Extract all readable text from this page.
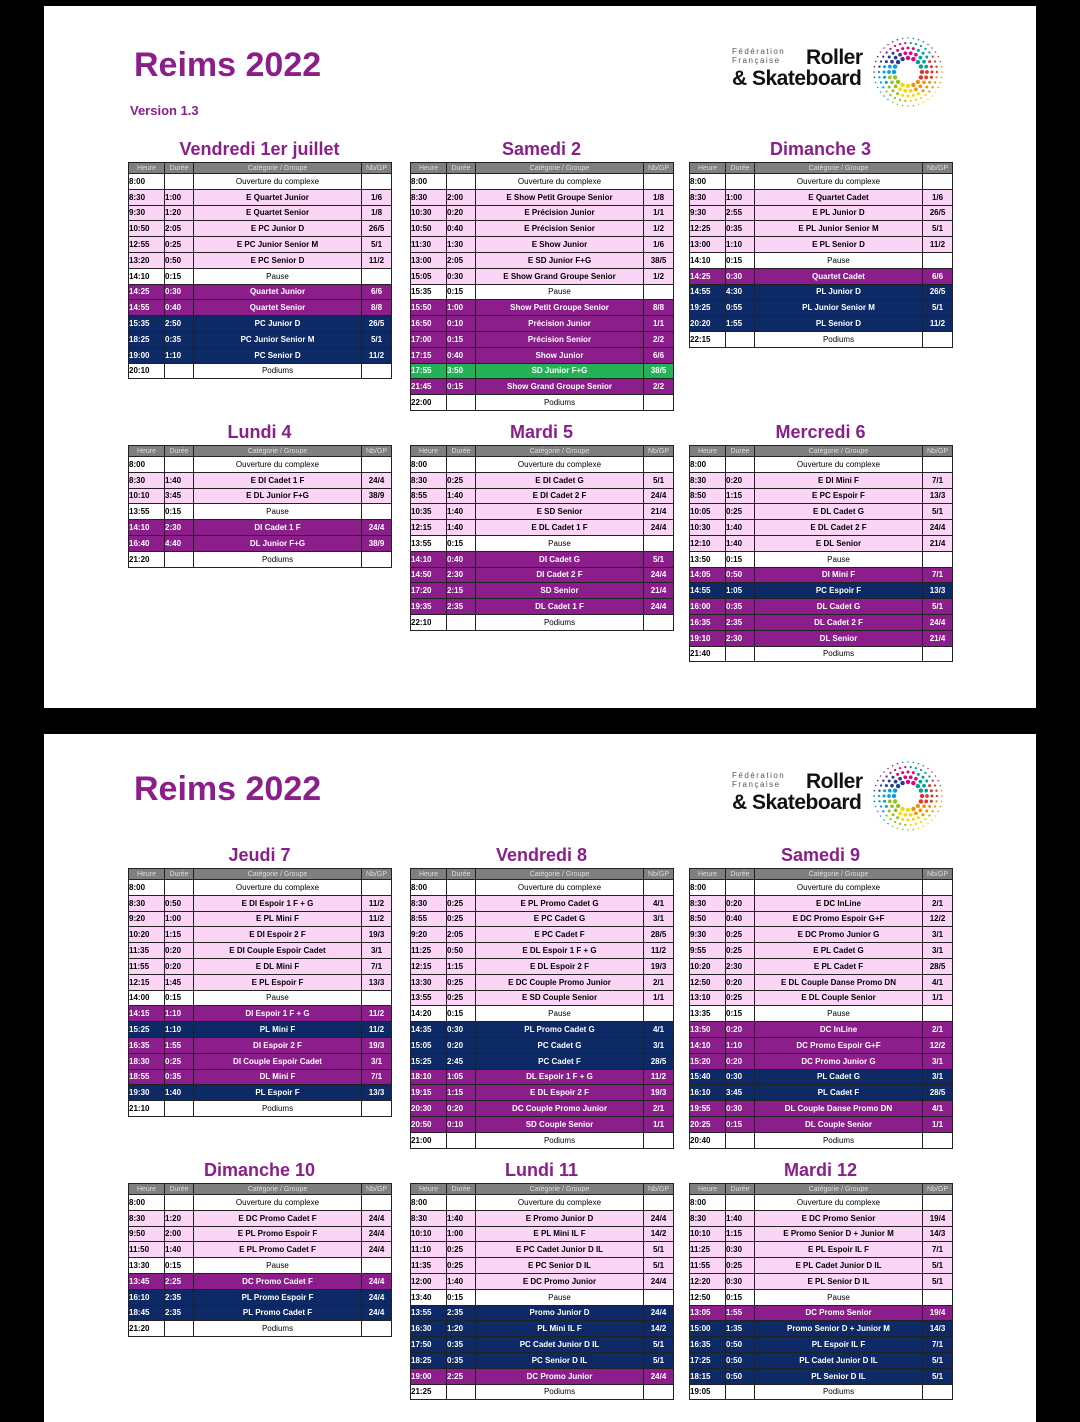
Reims 2022
Version 1.3
Fédération
Française Roller
& Skateboard
Vendredi 1er juillet
Heure	Durée	Catégorie / Groupe	Nb/GP
8:00		Ouverture du complexe	
8:30	1:00	E Quartet Junior	1/6
9:30	1:20	E Quartet Senior	1/8
10:50	2:05	E PC Junior D	26/5
12:55	0:25	E PC Junior Senior M	5/1
13:20	0:50	E PC Senior D	11/2
14:10	0:15	Pause	
14:25	0:30	Quartet Junior	6/6
14:55	0:40	Quartet Senior	8/8
15:35	2:50	PC Junior D	26/5
18:25	0:35	PC Junior Senior M	5/1
19:00	1:10	PC Senior D	11/2
20:10		Podiums	
Samedi 2
Heure	Durée	Catégorie / Groupe	Nb/GP
8:00		Ouverture du complexe	
8:30	2:00	E Show Petit Groupe Senior	1/8
10:30	0:20	E Précision Junior	1/1
10:50	0:40	E Précision Senior	1/2
11:30	1:30	E Show Junior	1/6
13:00	2:05	E SD Junior F+G	38/5
15:05	0:30	E Show Grand Groupe Senior	1/2
15:35	0:15	Pause	
15:50	1:00	Show Petit Groupe Senior	8/8
16:50	0:10	Précision Junior	1/1
17:00	0:15	Précision Senior	2/2
17:15	0:40	Show Junior	6/6
17:55	3:50	SD Junior F+G	38/5
21:45	0:15	Show Grand Groupe Senior	2/2
22:00		Podiums	
Dimanche 3
Heure	Durée	Catégorie / Groupe	Nb/GP
8:00		Ouverture du complexe	
8:30	1:00	E Quartet Cadet	1/6
9:30	2:55	E PL Junior D	26/5
12:25	0:35	E PL Junior Senior M	5/1
13:00	1:10	E PL Senior D	11/2
14:10	0:15	Pause	
14:25	0:30	Quartet Cadet	6/6
14:55	4:30	PL Junior D	26/5
19:25	0:55	PL Junior Senior M	5/1
20:20	1:55	PL Senior D	11/2
22:15		Podiums	
Lundi 4
Heure	Durée	Catégorie / Groupe	Nb/GP
8:00		Ouverture du complexe	
8:30	1:40	E DI Cadet 1 F	24/4
10:10	3:45	E DL Junior F+G	38/9
13:55	0:15	Pause	
14:10	2:30	DI Cadet 1 F	24/4
16:40	4:40	DL Junior F+G	38/9
21:20		Podiums	
Mardi 5
Heure	Durée	Catégorie / Groupe	Nb/GP
8:00		Ouverture du complexe	
8:30	0:25	E DI Cadet G	5/1
8:55	1:40	E DI Cadet 2 F	24/4
10:35	1:40	E SD Senior	21/4
12:15	1:40	E DL Cadet 1 F	24/4
13:55	0:15	Pause	
14:10	0:40	DI Cadet G	5/1
14:50	2:30	DI Cadet 2 F	24/4
17:20	2:15	SD Senior	21/4
19:35	2:35	DL Cadet 1 F	24/4
22:10		Podiums	
Mercredi 6
Heure	Durée	Catégorie / Groupe	Nb/GP
8:00		Ouverture du complexe	
8:30	0:20	E DI Mini F	7/1
8:50	1:15	E PC Espoir F	13/3
10:05	0:25	E DL Cadet G	5/1
10:30	1:40	E DL Cadet 2 F	24/4
12:10	1:40	E DL Senior	21/4
13:50	0:15	Pause	
14:05	0:50	DI Mini F	7/1
14:55	1:05	PC Espoir F	13/3
16:00	0:35	DL Cadet G	5/1
16:35	2:35	DL Cadet 2 F	24/4
19:10	2:30	DL Senior	21/4
21:40		Podiums	
Reims 2022	Fédération
Française Roller
& Skateboard
Jeudi 7
Heure	Durée	Catégorie / Groupe	Nb/GP
8:00		Ouverture du complexe	
8:30	0:50	E DI Espoir 1 F + G	11/2
9:20	1:00	E PL Mini F	11/2
10:20	1:15	E DI Espoir 2 F	19/3
11:35	0:20	E DI Couple Espoir Cadet	3/1
11:55	0:20	E DL Mini F	7/1
12:15	1:45	E PL Espoir F	13/3
14:00	0:15	Pause	
14:15	1:10	DI Espoir 1 F + G	11/2
15:25	1:10	PL Mini F	11/2
16:35	1:55	DI Espoir 2 F	19/3
18:30	0:25	DI Couple Espoir Cadet	3/1
18:55	0:35	DL Mini F	7/1
19:30	1:40	PL Espoir F	13/3
21:10		Podiums	
Vendredi 8
Heure	Durée	Catégorie / Groupe	Nb/GP
8:00		Ouverture du complexe	
8:30	0:25	E PL Promo Cadet G	4/1
8:55	0:25	E PC Cadet G	3/1
9:20	2:05	E PC Cadet F	28/5
11:25	0:50	E DL Espoir 1 F + G	11/2
12:15	1:15	E DL Espoir 2 F	19/3
13:30	0:25	E DC Couple Promo Junior	2/1
13:55	0:25	E SD Couple Senior	1/1
14:20	0:15	Pause	
14:35	0:30	PL Promo Cadet G	4/1
15:05	0:20	PC Cadet G	3/1
15:25	2:45	PC Cadet F	28/5
18:10	1:05	DL Espoir 1 F + G	11/2
19:15	1:15	E DL Espoir 2 F	19/3
20:30	0:20	DC Couple Promo Junior	2/1
20:50	0:10	SD Couple Senior	1/1
21:00		Podiums	
Samedi 9
Heure	Durée	Catégorie / Groupe	Nb/GP
8:00		Ouverture du complexe	
8:30	0:20	E DC InLine	2/1
8:50	0:40	E DC Promo Espoir G+F	12/2
9:30	0:25	E DC Promo Junior G	3/1
9:55	0:25	E PL Cadet G	3/1
10:20	2:30	E PL Cadet F	28/5
12:50	0:20	E DL Couple Danse Promo DN	4/1
13:10	0:25	E DL Couple Senior	1/1
13:35	0:15	Pause	
13:50	0:20	DC InLine	2/1
14:10	1:10	DC Promo Espoir G+F	12/2
15:20	0:20	DC Promo Junior G	3/1
15:40	0:30	PL Cadet G	3/1
16:10	3:45	PL Cadet F	28/5
19:55	0:30	DL Couple Danse Promo DN	4/1
20:25	0:15	DL Couple Senior	1/1
20:40		Podiums	
Dimanche 10
Heure	Durée	Catégorie / Groupe	Nb/GP
8:00		Ouverture du complexe	
8:30	1:20	E DC Promo Cadet F	24/4
9:50	2:00	E PL Promo Espoir F	24/4
11:50	1:40	E PL Promo Cadet F	24/4
13:30	0:15	Pause	
13:45	2:25	DC Promo Cadet F	24/4
16:10	2:35	PL Promo Espoir F	24/4
18:45	2:35	PL Promo Cadet F	24/4
21:20		Podiums	
Lundi 11
Heure	Durée	Catégorie / Groupe	Nb/GP
8:00		Ouverture du complexe	
8:30	1:40	E Promo Junior D	24/4
10:10	1:00	E PL Mini IL F	14/2
11:10	0:25	E PC Cadet Junior D IL	5/1
11:35	0:25	E PC Senior D IL	5/1
12:00	1:40	E DC Promo Junior	24/4
13:40	0:15	Pause	
13:55	2:35	Promo Junior D	24/4
16:30	1:20	PL Mini IL F	14/2
17:50	0:35	PC Cadet Junior D IL	5/1
18:25	0:35	PC Senior D IL	5/1
19:00	2:25	DC Promo Junior	24/4
21:25		Podiums	
Mardi 12
Heure	Durée	Catégorie / Groupe	Nb/GP
8:00		Ouverture du complexe	
8:30	1:40	E DC Promo Senior	19/4
10:10	1:15	E Promo Senior D + Junior M	14/3
11:25	0:30	E PL Espoir IL F	7/1
11:55	0:25	E PL Cadet Junior D IL	5/1
12:20	0:30	E PL Senior D IL	5/1
12:50	0:15	Pause	
13:05	1:55	DC Promo Senior	19/4
15:00	1:35	Promo Senior D + Junior M	14/3
16:35	0:50	PL Espoir IL F	7/1
17:25	0:50	PL Cadet Junior D IL	5/1
18:15	0:50	PL Senior D IL	5/1
19:05		Podiums	
